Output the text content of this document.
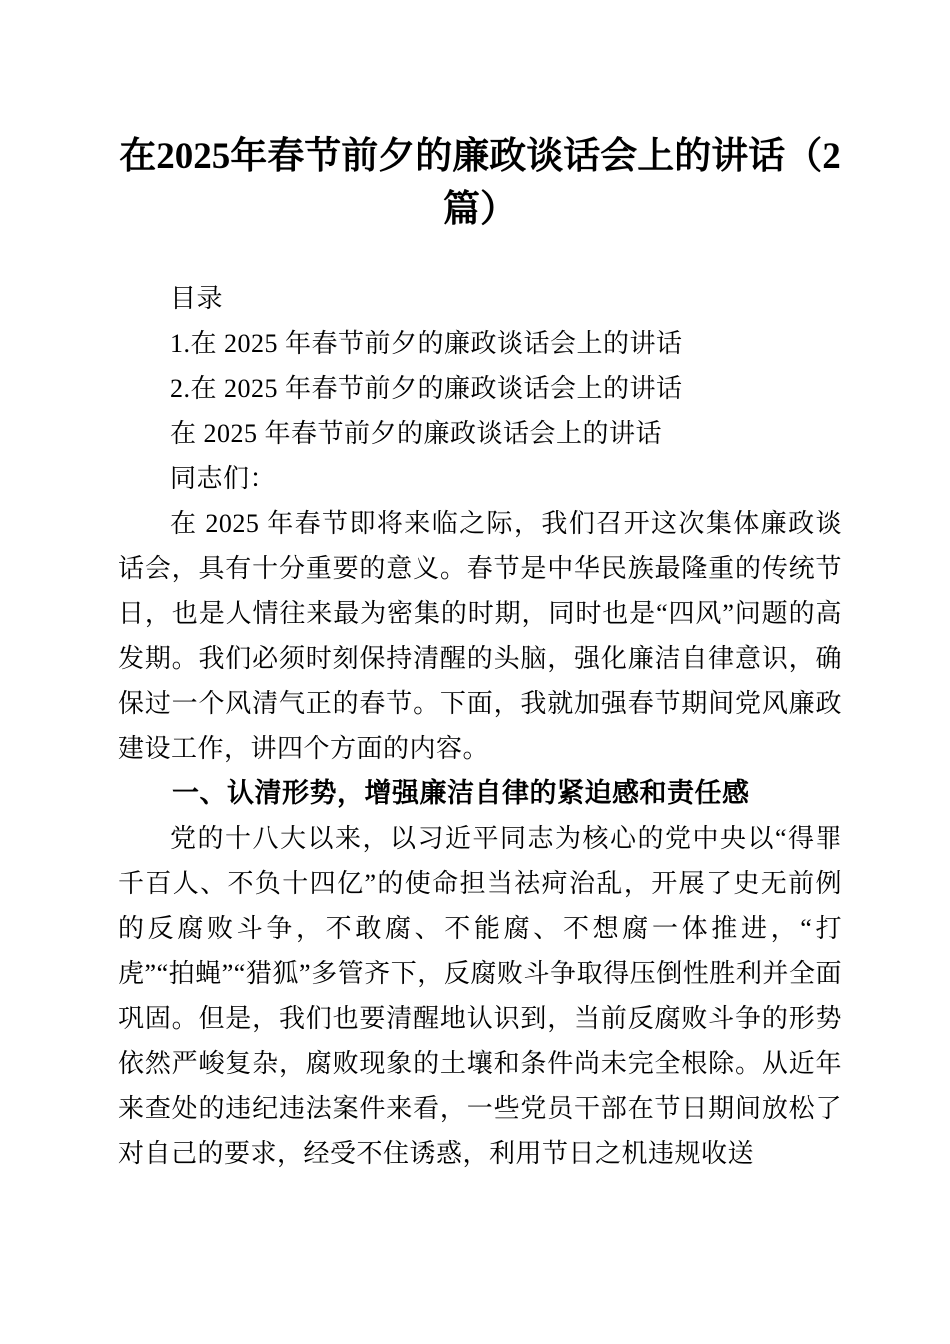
在2025年春节前夕的廉政谈话会上的讲话（2篇）

目录

1.在 2025 年春节前夕的廉政谈话会上的讲话

2.在 2025 年春节前夕的廉政谈话会上的讲话

在 2025 年春节前夕的廉政谈话会上的讲话

同志们：

在 2025 年春节即将来临之际，我们召开这次集体廉政谈话会，具有十分重要的意义。春节是中华民族最隆重的传统节日，也是人情往来最为密集的时期，同时也是“四风”问题的高发期。我们必须时刻保持清醒的头脑，强化廉洁自律意识，确保过一个风清气正的春节。下面，我就加强春节期间党风廉政建设工作，讲四个方面的内容。

一、认清形势，增强廉洁自律的紧迫感和责任感

党的十八大以来，以习近平同志为核心的党中央以“得罪千百人、不负十四亿”的使命担当祛疴治乱，开展了史无前例的反腐败斗争，不敢腐、不能腐、不想腐一体推进，“打虎”“拍蝇”“猎狐”多管齐下，反腐败斗争取得压倒性胜利并全面巩固。但是，我们也要清醒地认识到，当前反腐败斗争的形势依然严峻复杂，腐败现象的土壤和条件尚未完全根除。从近年来查处的违纪违法案件来看，一些党员干部在节日期间放松了对自己的要求，经受不住诱惑，利用节日之机违规收送
